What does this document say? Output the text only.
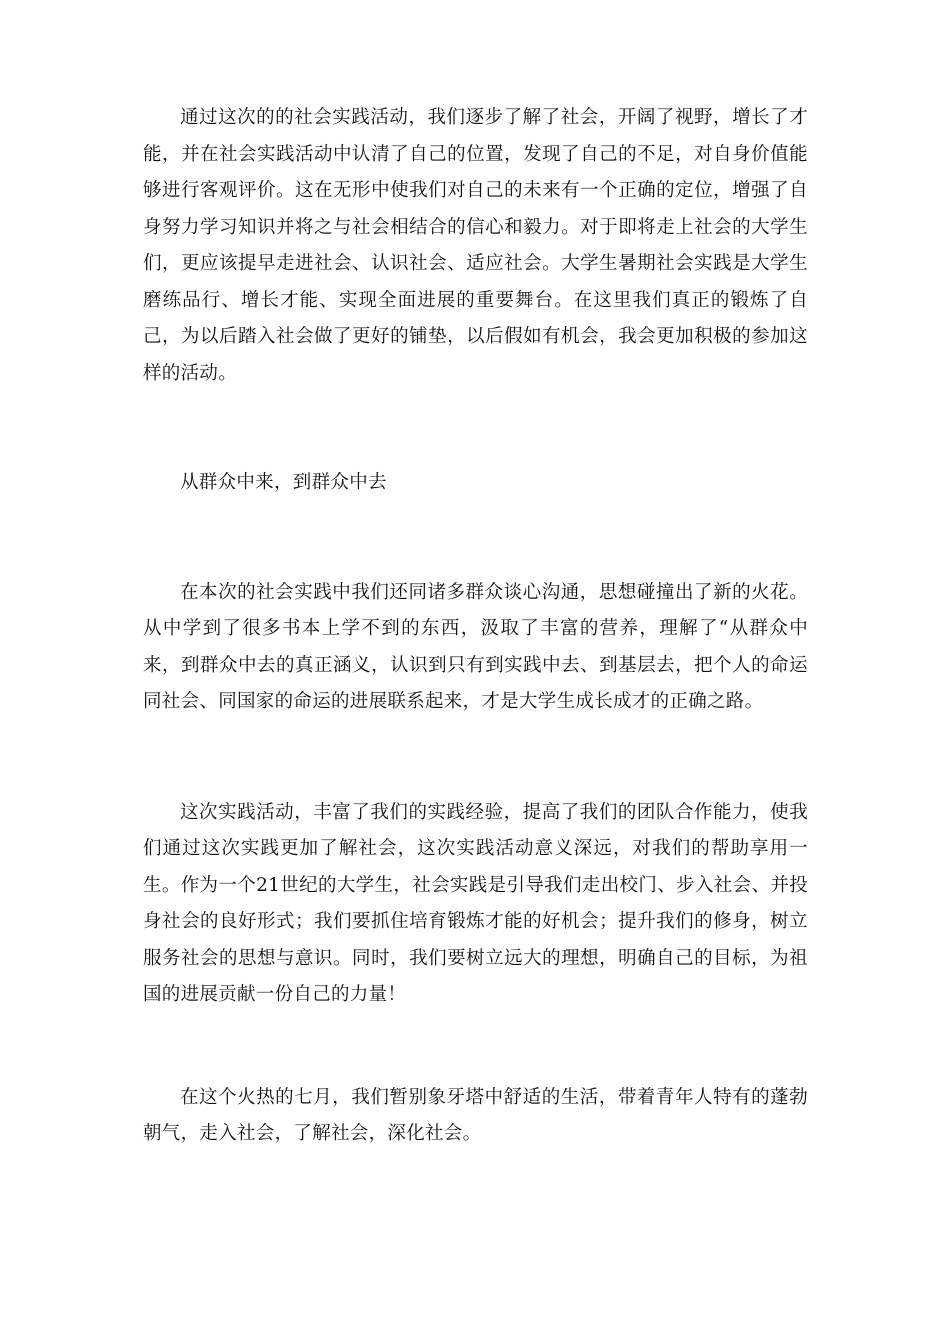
通过这次的的社会实践活动，我们逐步了解了社会，开阔了视野，增长了才能，并在社会实践活动中认清了自己的位置，发现了自己的不足，对自身价值能够进行客观评价。这在无形中使我们对自己的未来有一个正确的定位，增强了自身努力学习知识并将之与社会相结合的信心和毅力。对于即将走上社会的大学生们，更应该提早走进社会、认识社会、适应社会。大学生暑期社会实践是大学生磨练品行、增长才能、实现全面进展的重要舞台。在这里我们真正的锻炼了自己，为以后踏入社会做了更好的铺垫，以后假如有机会，我会更加积极的参加这样的活动。

从群众中来，到群众中去

在本次的社会实践中我们还同诸多群众谈心沟通，思想碰撞出了新的火花。从中学到了很多书本上学不到的东西，汲取了丰富的营养，理解了“从群众中来，到群众中去的真正涵义，认识到只有到实践中去、到基层去，把个人的命运同社会、同国家的命运的进展联系起来，才是大学生成长成才的正确之路。

这次实践活动，丰富了我们的实践经验，提高了我们的团队合作能力，使我们通过这次实践更加了解社会，这次实践活动意义深远，对我们的帮助享用一生。作为一个21世纪的大学生，社会实践是引导我们走出校门、步入社会、并投身社会的良好形式；我们要抓住培育锻炼才能的好机会；提升我们的修身，树立服务社会的思想与意识。同时，我们要树立远大的理想，明确自己的目标，为祖国的进展贡献一份自己的力量！

在这个火热的七月，我们暂别象牙塔中舒适的生活，带着青年人特有的蓬勃朝气，走入社会，了解社会，深化社会。
